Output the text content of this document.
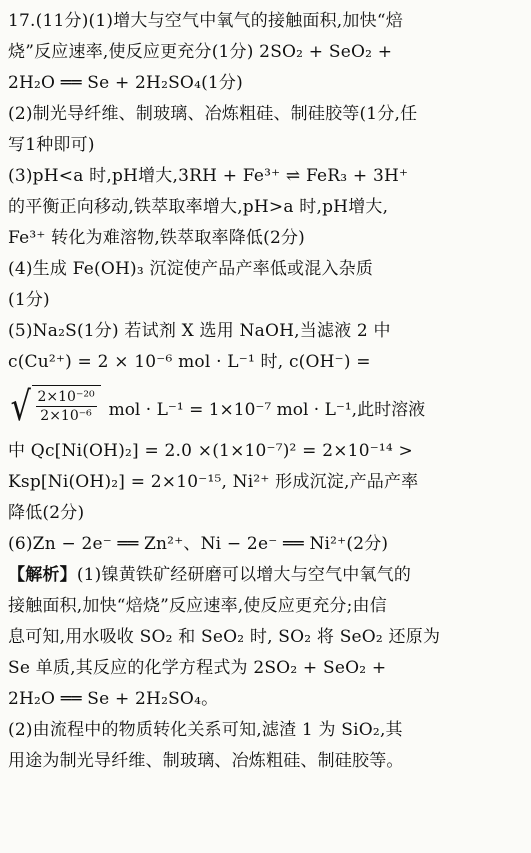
17.(11分)(1)增大与空气中氧气的接触面积,加快“焙
烧”反应速率,使反应更充分(1分) 2SO₂ + SeO₂ +
2H₂O ══ Se + 2H₂SO₄(1分)
(2)制光导纤维、制玻璃、冶炼粗硅、制硅胶等(1分,任
写1种即可)
(3)pH<a 时,pH增大,3RH + Fe³⁺ ⇌ FeR₃ + 3H⁺
的平衡正向移动,铁萃取率增大,pH>a 时,pH增大,
Fe³⁺ 转化为难溶物,铁萃取率降低(2分)
(4)生成 Fe(OH)₃ 沉淀使产品产率低或混入杂质
(1分)
(5)Na₂S(1分) 若试剂 X 选用 NaOH,当滤液 2 中
c(Cu²⁺) = 2 × 10⁻⁶ mol · L⁻¹ 时, c(OH⁻) =
√ $\frac{\text{2×10⁻²⁰}}{\text{2×10⁻⁶}}$ mol · L⁻¹ = 1×10⁻⁷ mol · L⁻¹,此时溶液
中 Qc[Ni(OH)₂] = 2.0 ×(1×10⁻⁷)² = 2×10⁻¹⁴ >
Ksp[Ni(OH)₂] = 2×10⁻¹⁵, Ni²⁺ 形成沉淀,产品产率
降低(2分)
(6)Zn − 2e⁻ ══ Zn²⁺、Ni − 2e⁻ ══ Ni²⁺(2分)
【解析】(1)镍黄铁矿经研磨可以增大与空气中氧气的
接触面积,加快“焙烧”反应速率,使反应更充分;由信
息可知,用水吸收 SO₂ 和 SeO₂ 时, SO₂ 将 SeO₂ 还原为
Se 单质,其反应的化学方程式为 2SO₂ + SeO₂ +
2H₂O ══ Se + 2H₂SO₄。
(2)由流程中的物质转化关系可知,滤渣 1 为 SiO₂,其
用途为制光导纤维、制玻璃、冶炼粗硅、制硅胶等。
